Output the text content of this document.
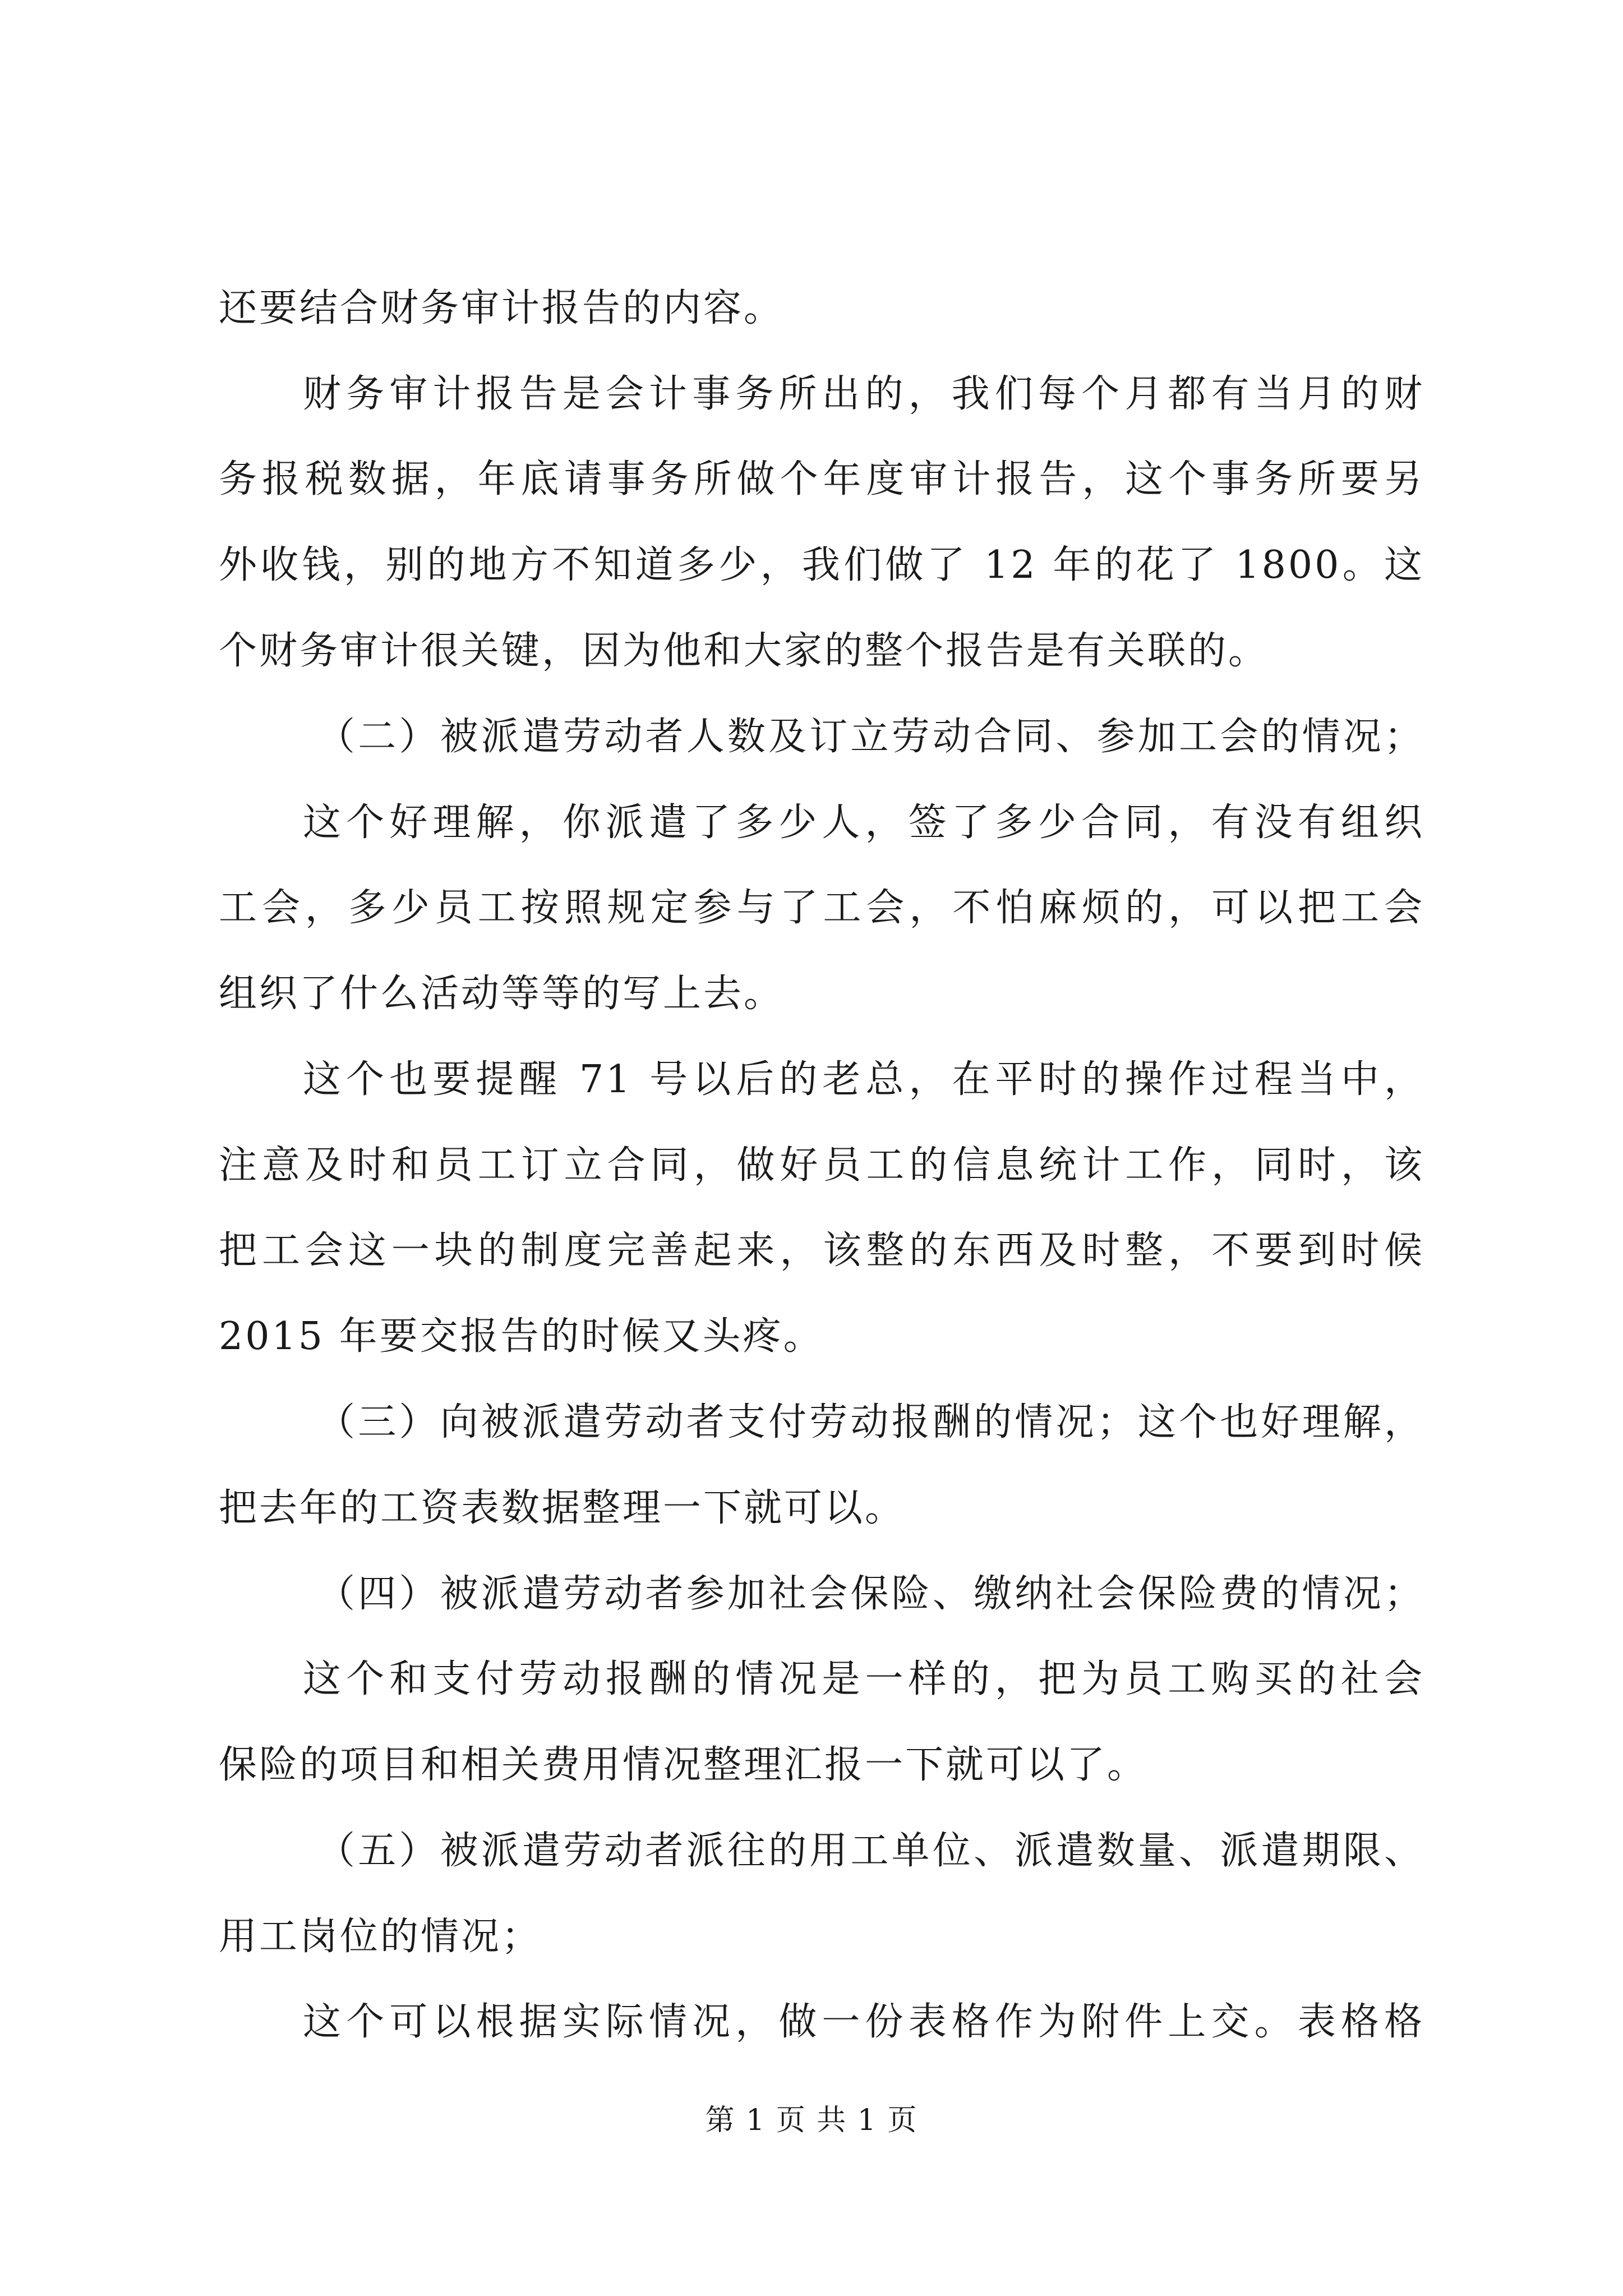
还要结合财务审计报告的内容。
财务审计报告是会计事务所出的，我们每个月都有当月的财
务报税数据，年底请事务所做个年度审计报告，这个事务所要另
外收钱，别的地方不知道多少，我们做了 12 年的花了 1800。这
个财务审计很关键，因为他和大家的整个报告是有关联的。
（二）被派遣劳动者人数及订立劳动合同、参加工会的情况；
这个好理解，你派遣了多少人，签了多少合同，有没有组织
工会，多少员工按照规定参与了工会，不怕麻烦的，可以把工会
组织了什么活动等等的写上去。
这个也要提醒 71 号以后的老总，在平时的操作过程当中，
注意及时和员工订立合同，做好员工的信息统计工作，同时，该
把工会这一块的制度完善起来，该整的东西及时整，不要到时候
2015 年要交报告的时候又头疼。
（三）向被派遣劳动者支付劳动报酬的情况；这个也好理解，
把去年的工资表数据整理一下就可以。
（四）被派遣劳动者参加社会保险、缴纳社会保险费的情况；
这个和支付劳动报酬的情况是一样的，把为员工购买的社会
保险的项目和相关费用情况整理汇报一下就可以了。
（五）被派遣劳动者派往的用工单位、派遣数量、派遣期限、
用工岗位的情况；
这个可以根据实际情况，做一份表格作为附件上交。表格格
第 1 页 共 1 页
